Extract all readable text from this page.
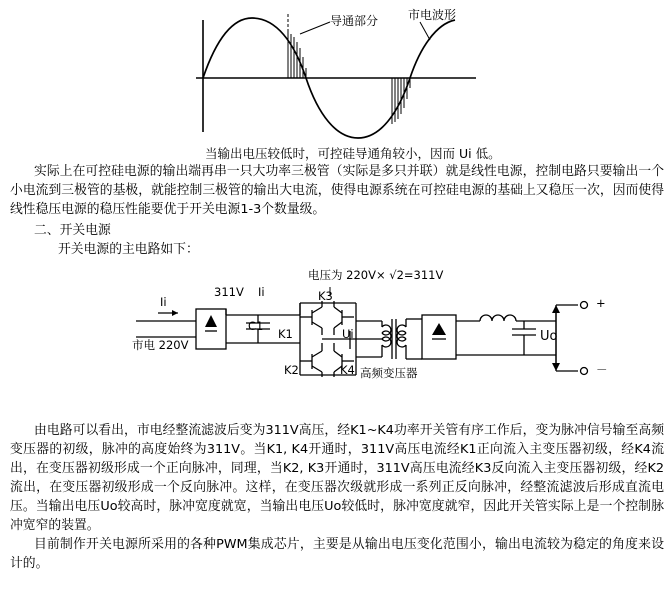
导通部分 市电波形
当输出电压较低时，可控硅导通角较小，因而 Ui 低。

实际上在可控硅电源的输出端再串一只大功率三极管（实际是多只并联）就是线性电源，控制电路只要输出一个小电流到三极管的基极，就能控制三极管的输出大电流，使得电源系统在可控硅电源的基础上又稳压一次，因而使得线性稳压电源的稳压性能要优于开关电源1-3个数量级。

二、开关电源

开关电源的主电路如下：

电压为 220V× √2=311V
311V
Ii
Ii
市电 220V
C1
K1
K2
K3
K4
Ui
高频变压器
Uo
+
－

由电路可以看出，市电经整流滤波后变为311V高压，经K1~K4功率开关管有序工作后，变为脉冲信号输至高频变压器的初级，脉冲的高度始终为311V。当K1, K4开通时，311V高压电流经K1正向流入主变压器初级，经K4流出，在变压器初级形成一个正向脉冲，同理，当K2, K3开通时，311V高压电流经K3反向流入主变压器初级，经K2流出，在变压器初级形成一个反向脉冲。这样，在变压器次级就形成一系列正反向脉冲，经整流滤波后形成直流电压。当输出电压Uo较高时，脉冲宽度就宽，当输出电压Uo较低时，脉冲宽度就窄，因此开关管实际上是一个控制脉冲宽窄的装置。

目前制作开关电源所采用的各种PWM集成芯片，主要是从输出电压变化范围小，输出电流较为稳定的角度来设计的。
